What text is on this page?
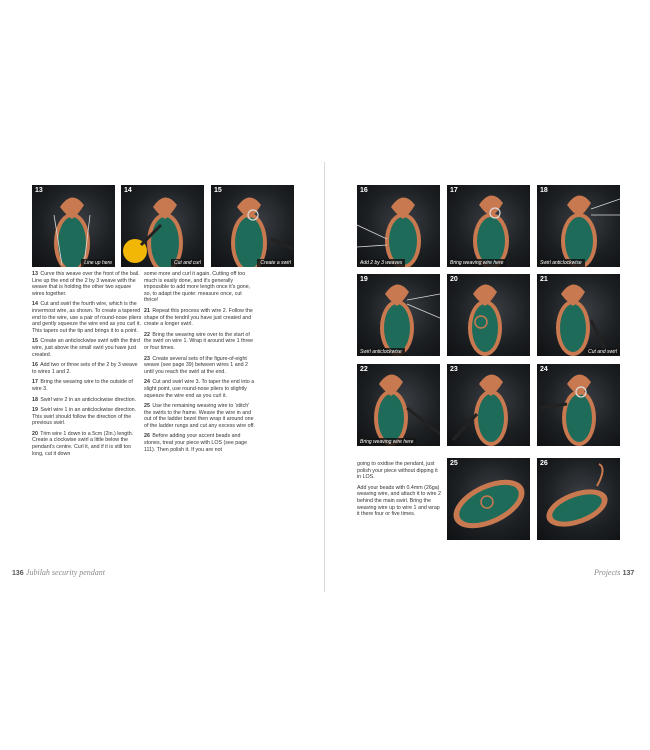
13
Line up here
14
Cut and curl
15
Create a swirl

13 Curve this weave over the front of the bail. Line up the end of the 2 by 3 weave with the weave that is holding the other two square wires together.

14 Cut and swirl the fourth wire, which is the innermost wire, as shown. To create a tapered end to the wire, use a pair of round-nose pliers and gently squeeze the wire end as you curl it. This tapers out the tip and brings it to a point.

15 Create an anticlockwise swirl with the third wire, just above the small swirl you have just created.

16 Add two or three sets of the 2 by 3 weave to wires 1 and 2.

17 Bring the weaving wire to the outside of wire 3.

18 Swirl wire 2 in an anticlockwise direction.

19 Swirl wire 1 in an anticlockwise direction. This swirl should follow the direction of the previous swirl.

20 Trim wire 1 down to a 5cm (2in.) length. Create a clockwise swirl a little below the pendant's centre. Curl it, and if it is still too long, cut it down

some more and curl it again. Cutting off too much is easily done, and it's generally impossible to add more length once it's gone, so, to adapt the quote: measure once, cut thrice!

21 Repeat this process with wire 2. Follow the shape of the tendril you have just created and create a longer swirl.

22 Bring the weaving wire over to the start of the swirl on wire 1. Wrap it around wire 1 three or four times.

23 Create several sets of the figure-of-eight weave (see page 39) between wires 1 and 2 until you reach the swirl at the end.

24 Cut and swirl wire 3. To taper the end into a slight point, use round-nose pliers to slightly squeeze the wire end as you curl it.

25 Use the remaining weaving wire to 'stitch' the swirls to the frame. Weave the wire in and out of the ladder bezel then wrap it around one of the ladder rungs and cut any excess wire off.

26 Before adding your accent beads and stones, treat your piece with LOS (see page 111). Then polish it. If you are not

136 Jubilah security pendant
16
Add 2 by 3 weaves
17
Bring weaving wire here
18
Swirl anticlockwise
19
Swirl anticlockwise
20	21
Cut and swirl
22
Bring weaving wire here
23	24

going to oxidise the pendant, just polish your piece without dipping it in LOS.

Add your beads with 0.4mm (26ga) weaving wire, and attach it to wire 2 behind the main swirl. Bring the weaving wire up to wire 1 and wrap it there four or five times.

25	26
Projects 137
